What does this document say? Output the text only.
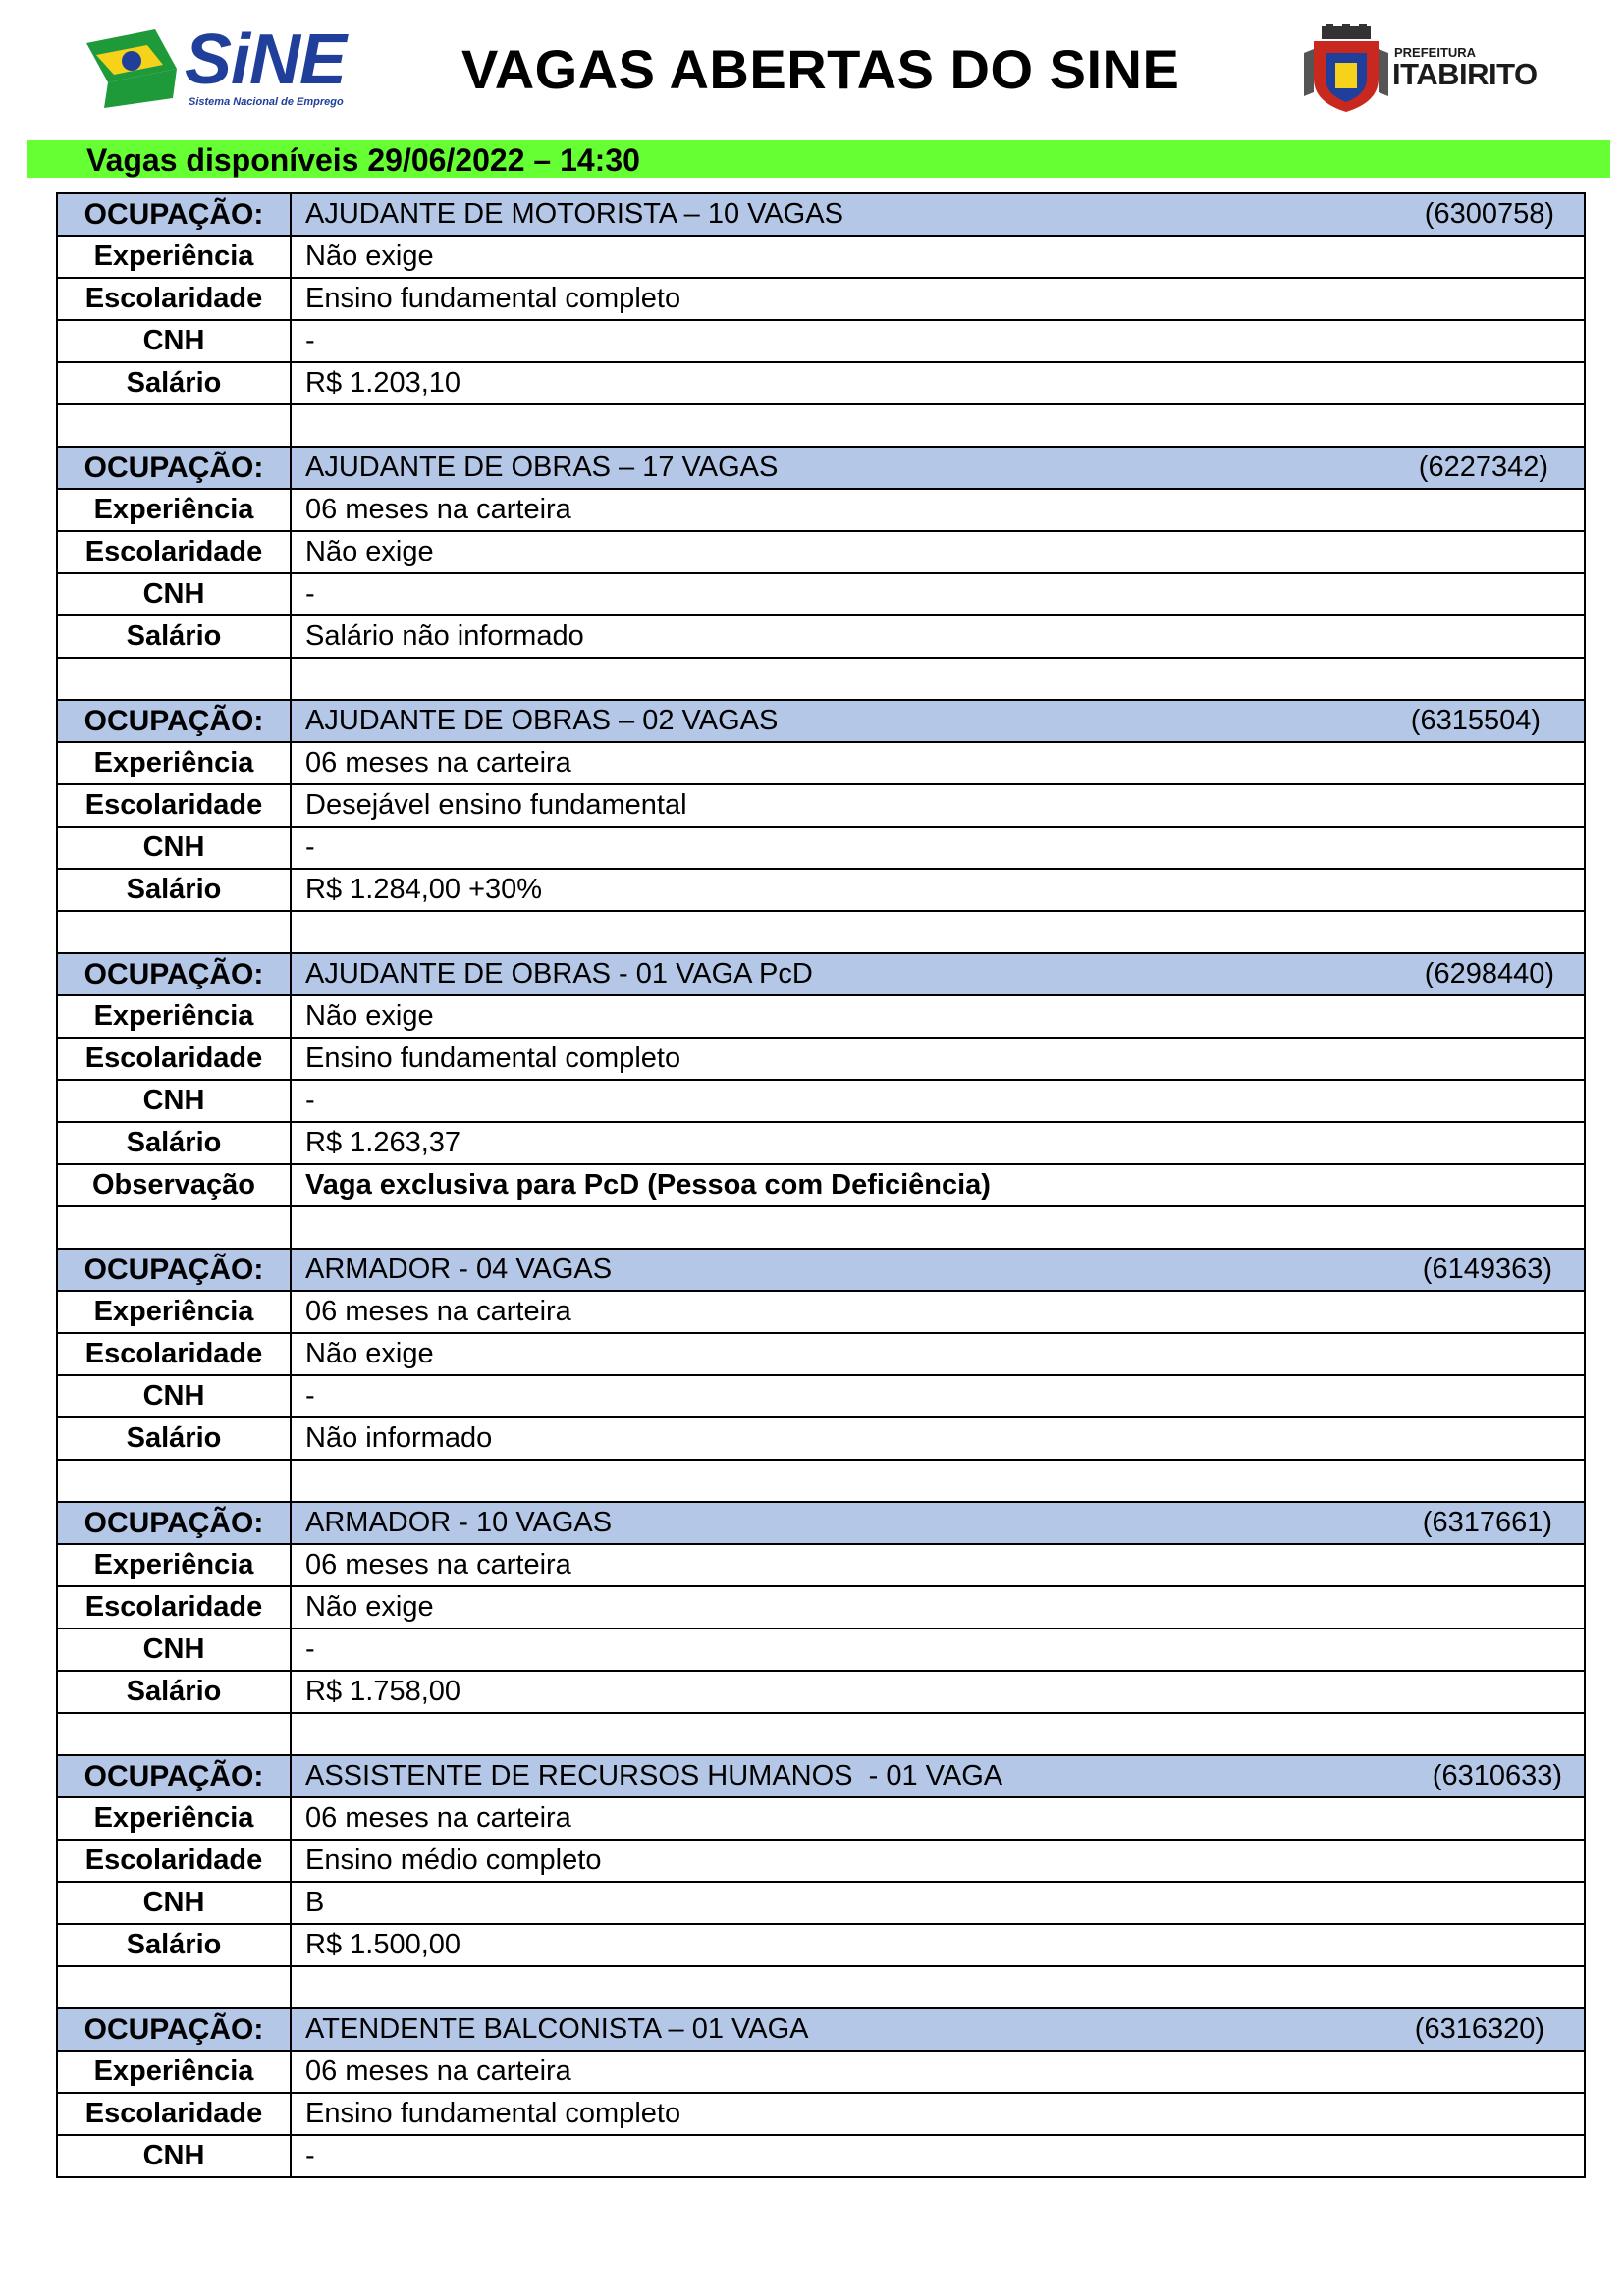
SiNE
Sistema Nacional de Emprego
VAGAS ABERTAS DO SINE	PREFEITURA
ITABIRITO
Vagas disponíveis 29/06/2022 – 14:30
OCUPAÇÃO:	AJUDANTE DE MOTORISTA – 10 VAGAS (6300758)

Experiência	Não exige
Escolaridade	Ensino fundamental completo
CNH	-
Salário	R$ 1.203,10

OCUPAÇÃO:	AJUDANTE DE OBRAS – 17 VAGAS (6227342)

Experiência	06 meses na carteira
Escolaridade	Não exige
CNH	-
Salário	Salário não informado

OCUPAÇÃO:	AJUDANTE DE OBRAS – 02 VAGAS (6315504)

Experiência	06 meses na carteira
Escolaridade	Desejável ensino fundamental
CNH	-
Salário	R$ 1.284,00 +30%

OCUPAÇÃO:	AJUDANTE DE OBRAS - 01 VAGA PcD (6298440)

Experiência	Não exige
Escolaridade	Ensino fundamental completo
CNH	-
Salário	R$ 1.263,37
Observação	Vaga exclusiva para PcD (Pessoa com Deficiência)

OCUPAÇÃO:	ARMADOR - 04 VAGAS (6149363)

Experiência	06 meses na carteira
Escolaridade	Não exige
CNH	-
Salário	Não informado

OCUPAÇÃO:	ARMADOR - 10 VAGAS (6317661)

Experiência	06 meses na carteira
Escolaridade	Não exige
CNH	-
Salário	R$ 1.758,00

OCUPAÇÃO:	ASSISTENTE DE RECURSOS HUMANOS  - 01 VAGA (6310633)

Experiência	06 meses na carteira
Escolaridade	Ensino médio completo
CNH	B
Salário	R$ 1.500,00

OCUPAÇÃO:	ATENDENTE BALCONISTA – 01 VAGA (6316320)

Experiência	06 meses na carteira
Escolaridade	Ensino fundamental completo
CNH	-
